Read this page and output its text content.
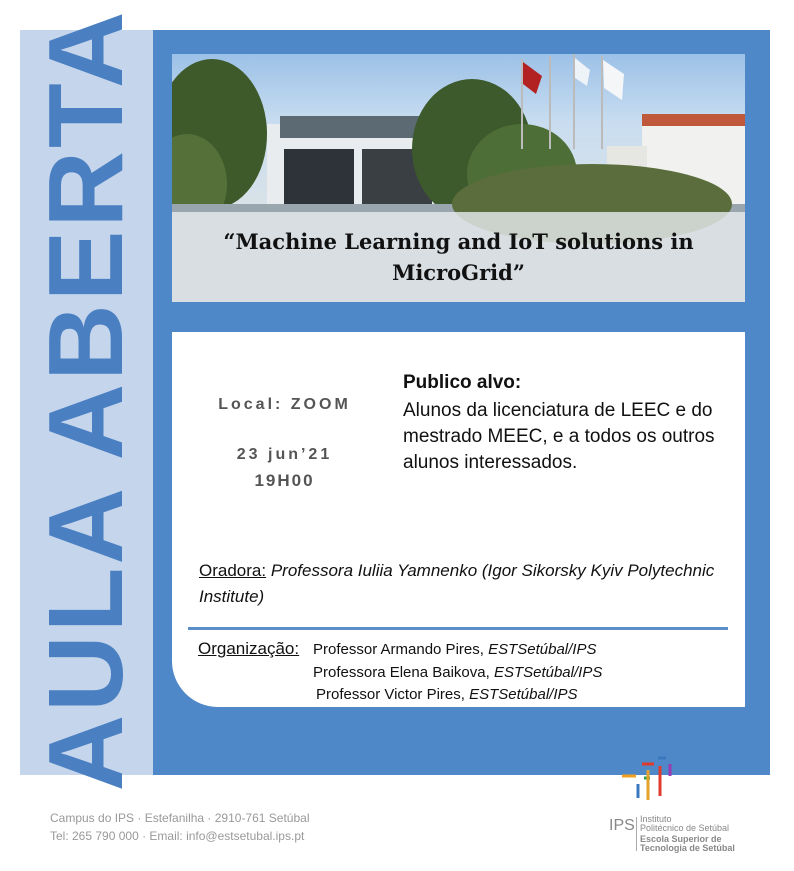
AULA ABERTA	“Machine Learning and IoT solutions in MicroGrid”
Local: ZOOM
23 jun’21
19H00
Publico alvo:
Alunos da licenciatura de LEEC e do mestrado MEEC, e a todos os outros alunos interessados.
Oradora: Professora Iuliia Yamnenko (Igor Sikorsky Kyiv Polytechnic Institute)
Organização: Professor Armando Pires, ESTSetúbal/IPS
Professora Elena Baikova, ESTSetúbal/IPS
Professor Victor Pires, ESTSetúbal/IPS
Campus do IPS · Estefanilha · 2910-761 Setúbal
Tel: 265 790 000 · Email: info@estsetubal.ips.pt
IPS Instituto
Politécnico de Setúbal
Escola Superior de
Tecnologia de Setúbal
